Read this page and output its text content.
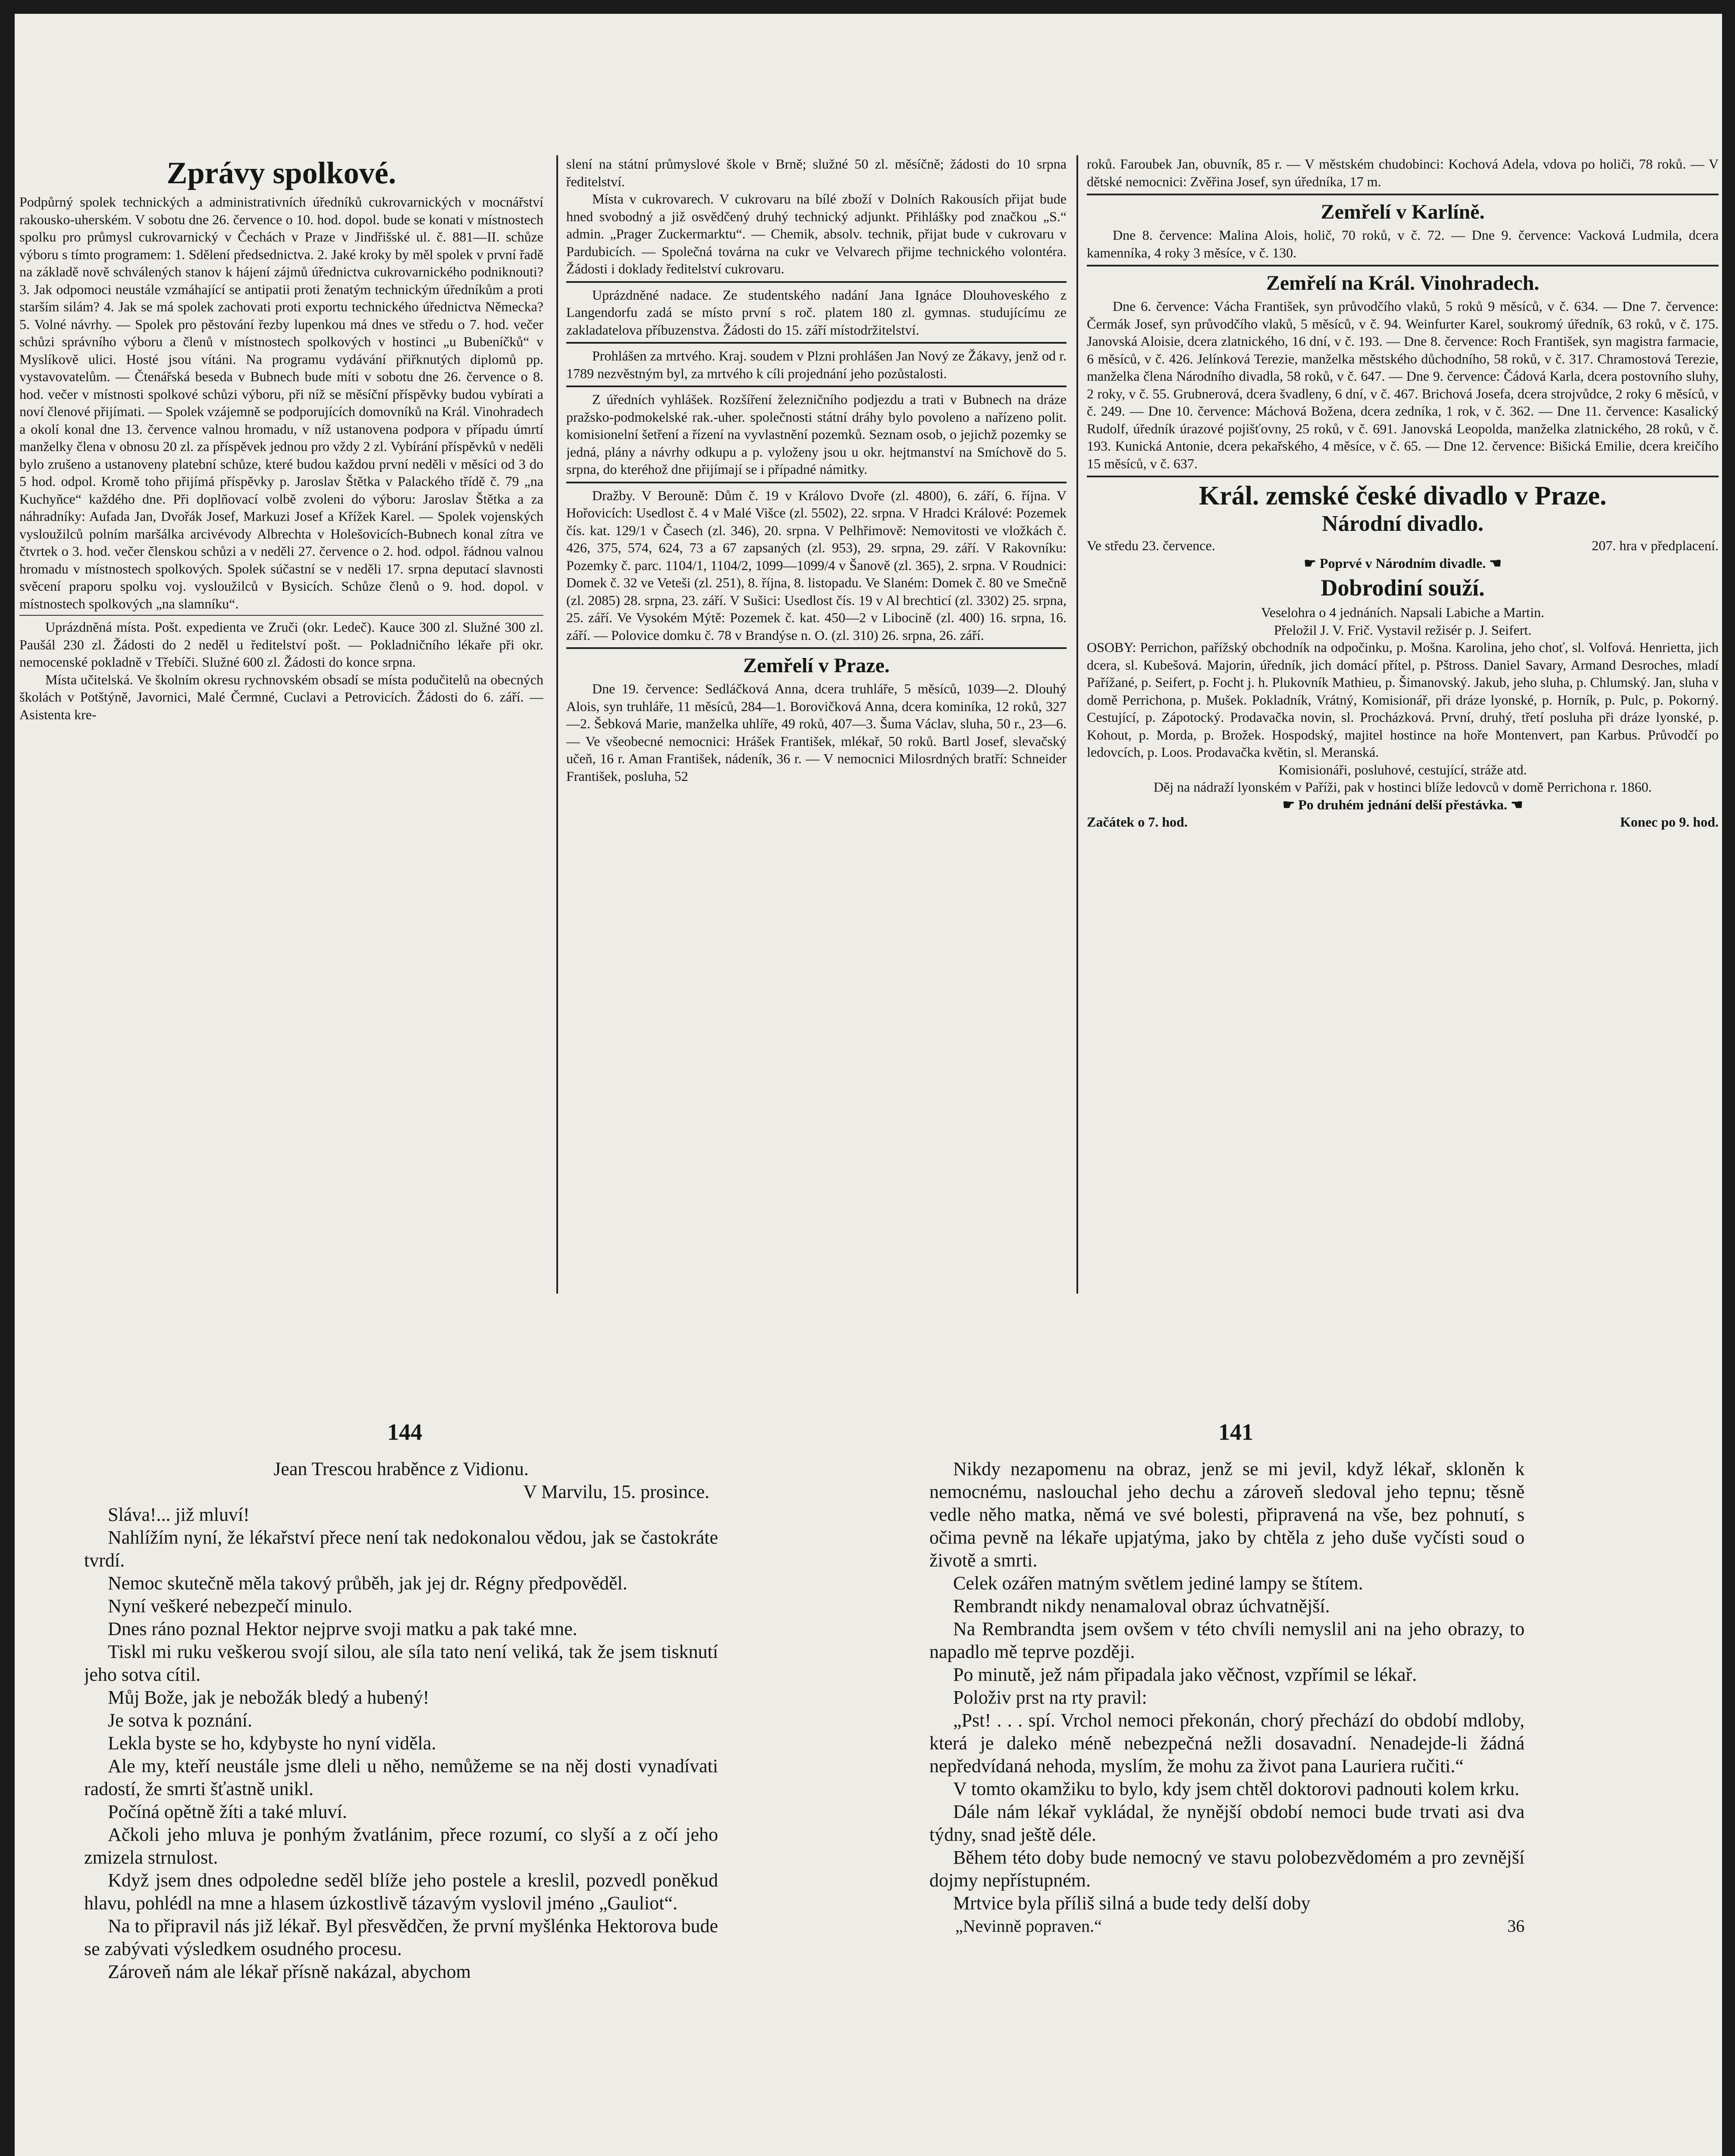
Zprávy spolkové.

Podpůrný spolek technických a administrativních úředníků cukrovarnických v mocnářství rakousko-uherském. V sobotu dne 26. července o 10. hod. dopol. bude se konati v místnostech spolku pro průmysl cukrovarnický v Čechách v Praze v Jindřišské ul. č. 881—II. schůze výboru s tímto programem: 1. Sdělení předsednictva. 2. Jaké kroky by měl spolek v první řadě na základě nově schválených stanov k hájení zájmů úřednictva cukrovarnického podniknouti? 3. Jak odpomoci neustále vzmáhající se antipatii proti ženatým technickým úředníkům a proti starším silám? 4. Jak se má spolek zachovati proti exportu technického úřednictva Německa? 5. Volné návrhy. — Spolek pro pěstování řezby lupenkou má dnes ve středu o 7. hod. večer schůzi správního výboru a členů v místnostech spolkových v hostinci „u Bubeníčků“ v Myslíkově ulici. Hosté jsou vítáni. Na programu vydávání přiřknutých diplomů pp. vystavovatelům. — Čtenářská beseda v Bubnech bude míti v sobotu dne 26. července o 8. hod. večer v místnosti spolkové schůzi výboru, při níž se měsíční příspěvky budou vybírati a noví členové přijímati. — Spolek vzájemně se podporujících domovníků na Král. Vinohradech a okolí konal dne 13. července valnou hromadu, v níž ustanovena podpora v případu úmrtí manželky člena v obnosu 20 zl. za příspěvek jednou pro vždy 2 zl. Vybírání příspěvků v neděli bylo zrušeno a ustanoveny platební schůze, které budou každou první neděli v měsíci od 3 do 5 hod. odpol. Kromě toho přijímá příspěvky p. Jaroslav Štětka v Palackého třídě č. 79 „na Kuchyňce“ každého dne. Při doplňovací volbě zvoleni do výboru: Jaroslav Štětka a za náhradníky: Aufada Jan, Dvořák Josef, Markuzi Josef a Křížek Karel. — Spolek vojenských vysloužilců polním maršálka arcivévody Albrechta v Holešovicích-Bubnech konal zítra ve čtvrtek o 3. hod. večer členskou schůzi a v neděli 27. července o 2. hod. odpol. řádnou valnou hromadu v místnostech spolkových. Spolek súčastní se v neděli 17. srpna deputací slavnosti svěcení praporu spolku voj. vysloužilců v Bysicích. Schůze členů o 9. hod. dopol. v místnostech spolkových „na slamníku“.

Uprázdněná místa. Pošt. expedienta ve Zruči (okr. Ledeč). Kauce 300 zl. Služné 300 zl. Paušál 230 zl. Žádosti do 2 neděl u ředitelství pošt. — Pokladničního lékaře při okr. nemocenské pokladně v Třebíči. Služné 600 zl. Žádosti do konce srpna.

Místa učitelská. Ve školním okresu rychnovském obsadí se místa podučitelů na obecných školách v Potštýně, Javornici, Malé Čermné, Cuclavi a Petrovicích. Žádosti do 6. září. — Asistenta kre-

slení na státní průmyslové škole v Brně; služné 50 zl. měsíčně; žádosti do 10 srpna ředitelství.

Místa v cukrovarech. V cukrovaru na bílé zboží v Dolních Rakousích přijat bude hned svobodný a již osvědčený druhý technický adjunkt. Přihlášky pod značkou „S.“ admin. „Prager Zuckermarktu“. — Chemik, absolv. technik, přijat bude v cukrovaru v Pardubicích. — Společná továrna na cukr ve Velvarech přijme technického volontéra. Žádosti i doklady ředitelství cukrovaru.

Uprázdněné nadace. Ze studentského nadání Jana Ignáce Dlouhoveského z Langendorfu zadá se místo první s roč. platem 180 zl. gymnas. studujícímu ze zakladatelova příbuzenstva. Žádosti do 15. září místodržitelství.

Prohlášen za mrtvého. Kraj. soudem v Plzni prohlášen Jan Nový ze Žákavy, jenž od r. 1789 nezvěstným byl, za mrtvého k cíli projednání jeho pozůstalosti.

Z úředních vyhlášek. Rozšíření železničního podjezdu a trati v Bubnech na dráze pražsko-podmokelské rak.-uher. společnosti státní dráhy bylo povoleno a nařízeno polit. komisionelní šetření a řízení na vyvlastnění pozemků. Seznam osob, o jejichž pozemky se jedná, plány a návrhy odkupu a p. vyloženy jsou u okr. hejtmanství na Smíchově do 5. srpna, do kteréhož dne přijímají se i případné námitky.

Dražby. V Berouně: Dům č. 19 v Královo Dvoře (zl. 4800), 6. září, 6. října. V Hořovicích: Usedlost č. 4 v Malé Višce (zl. 5502), 22. srpna. V Hradci Králové: Pozemek čís. kat. 129/1 v Časech (zl. 346), 20. srpna. V Pelhřimově: Nemovitosti ve vložkách č. 426, 375, 574, 624, 73 a 67 zapsaných (zl. 953), 29. srpna, 29. září. V Rakovníku: Pozemky č. parc. 1104/1, 1104/2, 1099—1099/4 v Šanově (zl. 365), 2. srpna. V Roudnici: Domek č. 32 ve Veteši (zl. 251), 8. října, 8. listopadu. Ve Slaném: Domek č. 80 ve Smečně (zl. 2085) 28. srpna, 23. září. V Sušici: Usedlost čís. 19 v Al brechticí (zl. 3302) 25. srpna, 25. září. Ve Vysokém Mýtě: Pozemek č. kat. 450—2 v Libocině (zl. 400) 16. srpna, 16. září. — Polovice domku č. 78 v Brandýse n. O. (zl. 310) 26. srpna, 26. září.

Zemřelí v Praze.

Dne 19. července: Sedláčková Anna, dcera truhláře, 5 měsíců, 1039—2. Dlouhý Alois, syn truhláře, 11 měsíců, 284—1. Borovičková Anna, dcera kominíka, 12 roků, 327—2. Šebková Marie, manželka uhlíře, 49 roků, 407—3. Šuma Václav, sluha, 50 r., 23—6. — Ve všeobecné nemocnici: Hrášek František, mlékař, 50 roků. Bartl Josef, slevačský učeň, 16 r. Aman František, nádeník, 36 r. — V nemocnici Milosrdných bratří: Schneider František, posluha, 52

roků. Faroubek Jan, obuvník, 85 r. — V městském chudobinci: Kochová Adela, vdova po holiči, 78 roků. — V dětské nemocnici: Zvěřina Josef, syn úředníka, 17 m.

Zemřelí v Karlíně.

Dne 8. července: Malina Alois, holič, 70 roků, v č. 72. — Dne 9. července: Vacková Ludmila, dcera kamenníka, 4 roky 3 měsíce, v č. 130.

Zemřelí na Král. Vinohradech.

Dne 6. července: Vácha František, syn průvodčího vlaků, 5 roků 9 měsíců, v č. 634. — Dne 7. července: Čermák Josef, syn průvodčího vlaků, 5 měsíců, v č. 94. Weinfurter Karel, soukromý úředník, 63 roků, v č. 175. Janovská Aloisie, dcera zlatnického, 16 dní, v č. 193. — Dne 8. července: Roch František, syn magistra farmacie, 6 měsíců, v č. 426. Jelínková Terezie, manželka městského důchodního, 58 roků, v č. 317. Chramostová Terezie, manželka člena Národního divadla, 58 roků, v č. 647. — Dne 9. července: Čádová Karla, dcera postovního sluhy, 2 roky, v č. 55. Grubnerová, dcera švadleny, 6 dní, v č. 467. Brichová Josefa, dcera strojvůdce, 2 roky 6 měsíců, v č. 249. — Dne 10. července: Máchová Božena, dcera zedníka, 1 rok, v č. 362. — Dne 11. července: Kasalický Rudolf, úředník úrazové pojišťovny, 25 roků, v č. 691. Janovská Leopolda, manželka zlatnického, 28 roků, v č. 193. Kunická Antonie, dcera pekařského, 4 měsíce, v č. 65. — Dne 12. července: Bišická Emilie, dcera kreičího 15 měsíců, v č. 637.

Král. zemské české divadlo v Praze.
Národní divadlo.
Ve středu 23. července.	207. hra v předplacení.
☛ Poprvé v Národním divadle. ☚
Dobrodiní souží.
Veselohra o 4 jednáních. Napsali Labiche a Martin.
Přeložil J. V. Frič. Vystavil režisér p. J. Seifert.

OSOBY: Perrichon, pařížský obchodník na odpočinku, p. Mošna. Karolina, jeho choť, sl. Volfová. Henrietta, jich dcera, sl. Kubešová. Majorin, úředník, jich domácí přítel, p. Pštross. Daniel Savary, Armand Desroches, mladí Pařížané, p. Seifert, p. Focht j. h. Plukovník Mathieu, p. Šimanovský. Jakub, jeho sluha, p. Chlumský. Jan, sluha v domě Perrichona, p. Mušek. Pokladník, Vrátný, Komisionář, při dráze lyonské, p. Horník, p. Pulc, p. Pokorný. Cestující, p. Zápotocký. Prodavačka novin, sl. Procházková. První, druhý, třetí posluha při dráze lyonské, p. Kohout, p. Morda, p. Brožek. Hospodský, majitel hostince na hoře Montenvert, pan Karbus. Průvodčí po ledovcích, p. Loos. Prodavačka květin, sl. Meranská.

Komisionáři, posluhové, cestující, stráže atd.
Děj na nádraží lyonském v Paříži, pak v hostinci blíže ledovců v domě Perrichona r. 1860.
☛ Po druhém jednání delší přestávka. ☚
Začátek o 7. hod.	Konec po 9. hod.
144	141
Jean Trescou hraběnce z Vidionu.
V Marvilu, 15. prosince.

Sláva!... již mluví!

Nahlížím nyní, že lékařství přece není tak nedokonalou vědou, jak se častokráte tvrdí.

Nemoc skutečně měla takový průběh, jak jej dr. Régny předpověděl.

Nyní veškeré nebezpečí minulo.

Dnes ráno poznal Hektor nejprve svoji matku a pak také mne.

Tiskl mi ruku veškerou svojí silou, ale síla tato není veliká, tak že jsem tisknutí jeho sotva cítil.

Můj Bože, jak je nebožák bledý a hubený!

Je sotva k poznání.

Lekla byste se ho, kdybyste ho nyní viděla.

Ale my, kteří neustále jsme dleli u něho, nemůžeme se na něj dosti vynadívati radostí, že smrti šťastně unikl.

Počíná opětně žíti a také mluví.

Ačkoli jeho mluva je ponhým žvatlánim, přece rozumí, co slyší a z očí jeho zmizela strnulost.

Když jsem dnes odpoledne seděl blíže jeho postele a kreslil, pozvedl poněkud hlavu, pohlédl na mne a hlasem úzkostlivě tázavým vyslovil jméno „Gauliot“.

Na to připravil nás již lékař. Byl přesvědčen, že první myšlénka Hektorova bude se zabývati výsledkem osudného procesu.

Zároveň nám ale lékař přísně nakázal, abychom

Nikdy nezapomenu na obraz, jenž se mi jevil, když lékař, skloněn k nemocnému, naslouchal jeho dechu a zároveň sledoval jeho tepnu; těsně vedle něho matka, němá ve své bolesti, připravená na vše, bez pohnutí, s očima pevně na lékaře upjatýma, jako by chtěla z jeho duše vyčísti soud o životě a smrti.

Celek ozářen matným světlem jediné lampy se štítem.

Rembrandt nikdy nenamaloval obraz úchvatnější.

Na Rembrandta jsem ovšem v této chvíli nemyslil ani na jeho obrazy, to napadlo mě teprve později.

Po minutě, jež nám připadala jako věčnost, vzpřímil se lékař.

Položiv prst na rty pravil:

„Pst! . . . spí. Vrchol nemoci překonán, chorý přechází do období mdloby, která je daleko méně nebezpečná nežli dosavadní. Nenadejde-li žádná nepředvídaná nehoda, myslím, že mohu za život pana Lauriera ručiti.“

V tomto okamžiku to bylo, kdy jsem chtěl doktorovi padnouti kolem krku.

Dále nám lékař vykládal, že nynější období nemoci bude trvati asi dva týdny, snad ještě déle.

Během této doby bude nemocný ve stavu polobezvědomém a pro zevnější dojmy nepřístupném.

Mrtvice byla příliš silná a bude tedy delší doby

„Nevinně popraven.“	36
